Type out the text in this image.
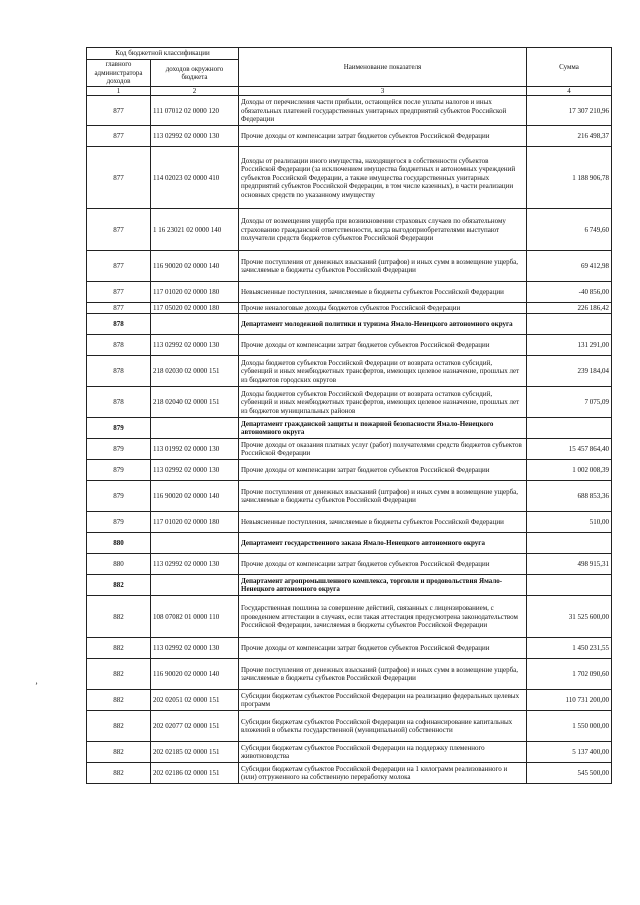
Код бюджетной классификации		Наименование показателя	Сумма
главного администратора доходов	доходов окружного бюджета		
1	2	3	4
877	111 07012 02 0000 120	Доходы от перечисления части прибыли, остающейся после уплаты налогов и иных обязательных платежей государственных унитарных предприятий субъектов Российской Федерации	17 307 210,96
877	113 02992 02 0000 130	Прочие доходы от компенсации затрат бюджетов субъектов Российской Федерации	216 498,37
877	114 02023 02 0000 410	Доходы от реализации иного имущества, находящегося в собственности субъектов Российской Федерации (за исключением имущества бюджетных и автономных учреждений субъектов Российской Федерации, а также имущества государственных унитарных предприятий субъектов Российской Федерации, в том числе казенных), в части реализации основных средств по указанному имуществу	1 188 906,78
877	1 16 23021 02 0000 140	Доходы от возмещения ущерба при возникновении страховых случаев по обязательному страхованию гражданской ответственности, когда выгодоприобретателями выступают получатели средств бюджетов субъектов Российской Федерации	6 749,60
877	116 90020 02 0000 140	Прочие поступления от денежных взысканий (штрафов) и иных сумм в возмещение ущерба, зачисляемые в бюджеты субъектов Российской Федерации	69 412,98
877	117 01020 02 0000 180	Невыясненные поступления, зачисляемые в бюджеты субъектов Российской Федерации	-40 856,00
877	117 05020 02 0000 180	Прочие неналоговые доходы бюджетов субъектов Российской Федерации	226 186,42
878		Департамент молодежной политики и туризма Ямало-Ненецкого автономного округа	
878	113 02992 02 0000 130	Прочие доходы от компенсации затрат бюджетов субъектов Российской Федерации	131 291,00
878	218 02030 02 0000 151	Доходы бюджетов субъектов Российской Федерации от возврата остатков субсидий, субвенций и иных межбюджетных трансфертов, имеющих целевое назначение, прошлых лет из бюджетов городских округов	239 184,04
878	218 02040 02 0000 151	Доходы бюджетов субъектов Российской Федерации от возврата остатков субсидий, субвенций и иных межбюджетных трансфертов, имеющих целевое назначение, прошлых лет из бюджетов муниципальных районов	7 075,09
879		Департамент гражданской защиты и пожарной безопасности Ямало-Ненецкого автономного округа	
879	113 01992 02 0000 130	Прочие доходы от оказания платных услуг (работ) получателями средств бюджетов субъектов Российской Федерации	15 457 864,40
879	113 02992 02 0000 130	Прочие доходы от компенсации затрат бюджетов субъектов Российской Федерации	1 002 008,39
879	116 90020 02 0000 140	Прочие поступления от денежных взысканий (штрафов) и иных сумм в возмещение ущерба, зачисляемые в бюджеты субъектов Российской Федерации	688 853,36
879	117 01020 02 0000 180	Невыясненные поступления, зачисляемые в бюджеты субъектов Российской Федерации	510,00
880		Департамент государственного заказа Ямало-Ненецкого автономного округа	
880	113 02992 02 0000 130	Прочие доходы от компенсации затрат бюджетов субъектов Российской Федерации	498 915,31
882		Департамент агропромышленного комплекса, торговли и продовольствия Ямало-Ненецкого автономного округа	
882	108 07082 01 0000 110	Государственная пошлина за совершение действий, связанных с лицензированием, с проведением аттестации в случаях, если такая аттестация предусмотрена законодательством Российской Федерации, зачисляемая в бюджеты субъектов Российской Федерации	31 525 600,00
882	113 02992 02 0000 130	Прочие доходы от компенсации затрат бюджетов субъектов Российской Федерации	1 450 231,55
882	116 90020 02 0000 140	Прочие поступления от денежных взысканий (штрафов) и иных сумм в возмещение ущерба, зачисляемые в бюджеты субъектов Российской Федерации	1 702 090,60
882	202 02051 02 0000 151	Субсидии бюджетам субъектов Российской Федерации на реализацию федеральных целевых программ	110 731 200,00
882	202 02077 02 0000 151	Субсидии бюджетам субъектов Российской Федерации на софинансирование капитальных вложений в объекты государственной (муниципальной) собственности	1 550 000,00
882	202 02185 02 0000 151	Субсидии бюджетам субъектов Российской Федерации на поддержку племенного животноводства	5 137 400,00
882	202 02186 02 0000 151	Субсидии бюджетам субъектов Российской Федерации на 1 килограмм реализованного и (или) отгруженного на собственную переработку молока	545 500,00
’
